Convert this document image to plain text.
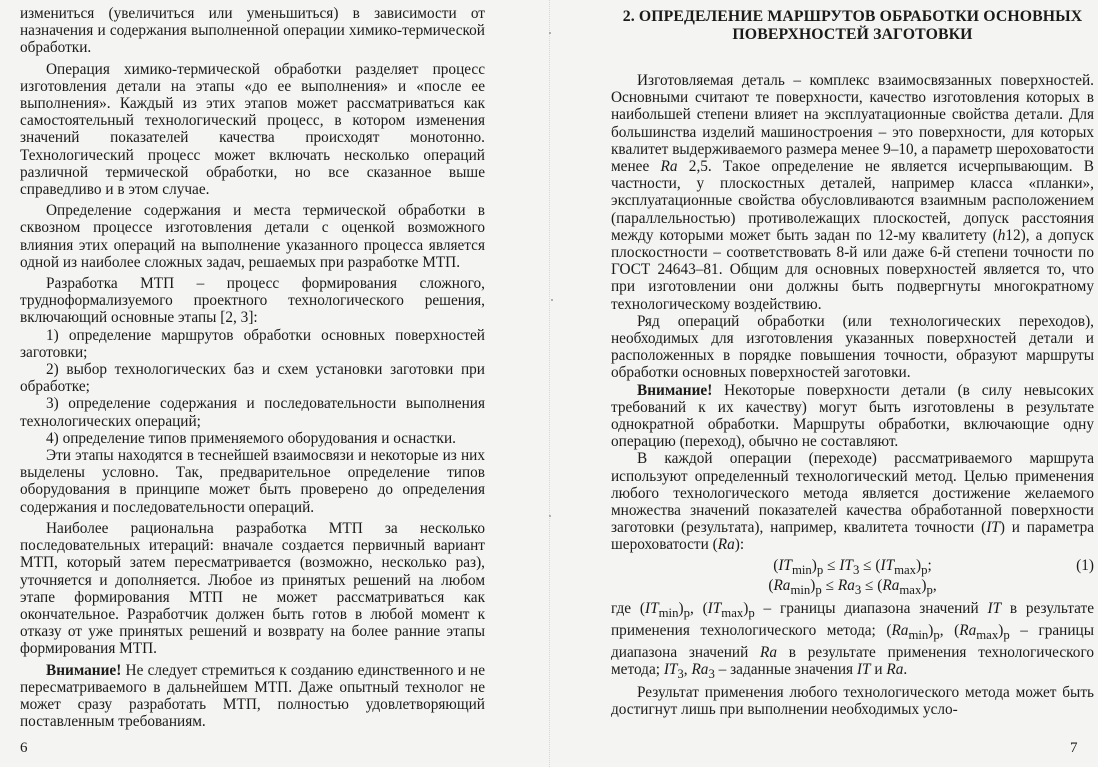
измениться (увеличиться или уменьшиться) в зависимости от назначения и содержания выполненной операции химико-термической обработки.

Операция химико-термической обработки разделяет процесс изготовления детали на этапы «до ее выполнения» и «после ее выполнения». Каждый из этих этапов может рассматриваться как самостоятельный технологический процесс, в котором изменения значений показателей качества происходят монотонно. Технологический процесс может включать несколько операций различной термической обработки, но все сказанное выше справедливо и в этом случае.

Определение содержания и места термической обработки в сквозном процессе изготовления детали с оценкой возможного влияния этих операций на выполнение указанного процесса является одной из наиболее сложных задач, решаемых при разработке МТП.

Разработка МТП – процесс формирования сложного, трудноформализуемого проектного технологического решения, включающий основные этапы [2, 3]:

1) определение маршрутов обработки основных поверхностей заготовки;

2) выбор технологических баз и схем установки заготовки при обработке;

3) определение содержания и последовательности выполнения технологических операций;

4) определение типов применяемого оборудования и оснастки.

Эти этапы находятся в теснейшей взаимосвязи и некоторые из них выделены условно. Так, предварительное определение типов оборудования в принципе может быть проверено до определения содержания и последовательности операций.

Наиболее рациональна разработка МТП за несколько последовательных итераций: вначале создается первичный вариант МТП, который затем пересматривается (возможно, несколько раз), уточняется и дополняется. Любое из принятых решений на любом этапе формирования МТП не может рассматриваться как окончательное. Разработчик должен быть готов в любой момент к отказу от уже принятых решений и возврату на более ранние этапы формирования МТП.

Внимание! Не следует стремиться к созданию единственного и не пересматриваемого в дальнейшем МТП. Даже опытный технолог не может сразу разработать МТП, полностью удовлетворяющий поставленным требованиям.

6
2. ОПРЕДЕЛЕНИЕ МАРШРУТОВ ОБРАБОТКИ ОСНОВНЫХ
ПОВЕРХНОСТЕЙ ЗАГОТОВКИ

Изготовляемая деталь – комплекс взаимосвязанных поверхностей. Основными считают те поверхности, качество изготовления которых в наибольшей степени влияет на эксплуатационные свойства детали. Для большинства изделий машиностроения – это поверхности, для которых квалитет выдерживаемого размера менее 9–10, а параметр шероховатости менее Ra 2,5. Такое определение не является исчерпывающим. В частности, у плоскостных деталей, например класса «планки», эксплуатационные свойства обусловливаются взаимным расположением (параллельностью) противолежащих плоскостей, допуск расстояния между которыми может быть задан по 12-му квалитету (h12), а допуск плоскостности – соответствовать 8-й или даже 6-й степени точности по ГОСТ 24643–81. Общим для основных поверхностей является то, что при изготовлении они должны быть подвергнуты многократному технологическому воздействию.

Ряд операций обработки (или технологических переходов), необходимых для изготовления указанных поверхностей детали и расположенных в порядке повышения точности, образуют маршруты обработки основных поверхностей заготовки.

Внимание! Некоторые поверхности детали (в силу невысоких требований к их качеству) могут быть изготовлены в результате однократной обработки. Маршруты обработки, включающие одну операцию (переход), обычно не составляют.

В каждой операции (переходе) рассматриваемого маршрута используют определенный технологический метод. Целью применения любого технологического метода является достижение желаемого множества значений показателей качества обработанной поверхности заготовки (результата), например, квалитета точности (IT) и параметра шероховатости (Ra):

$(IT_{min})_p \le IT_3 \le (IT_{max})_p$;
$(Ra_{min})_p \le Ra_3 \le (Ra_{max})_p$,
(1)

где $(IT_{min})_p$, $(IT_{max})_p$ – границы диапазона значений IT в результате применения технологического метода; $(Ra_{min})_p$, $(Ra_{max})_p$ – границы диапазона значений Ra в результате применения технологического метода; $IT_3$, $Ra_3$ – заданные значения IT и Ra.

Результат применения любого технологического метода может быть достигнут лишь при выполнении необходимых усло-

7
